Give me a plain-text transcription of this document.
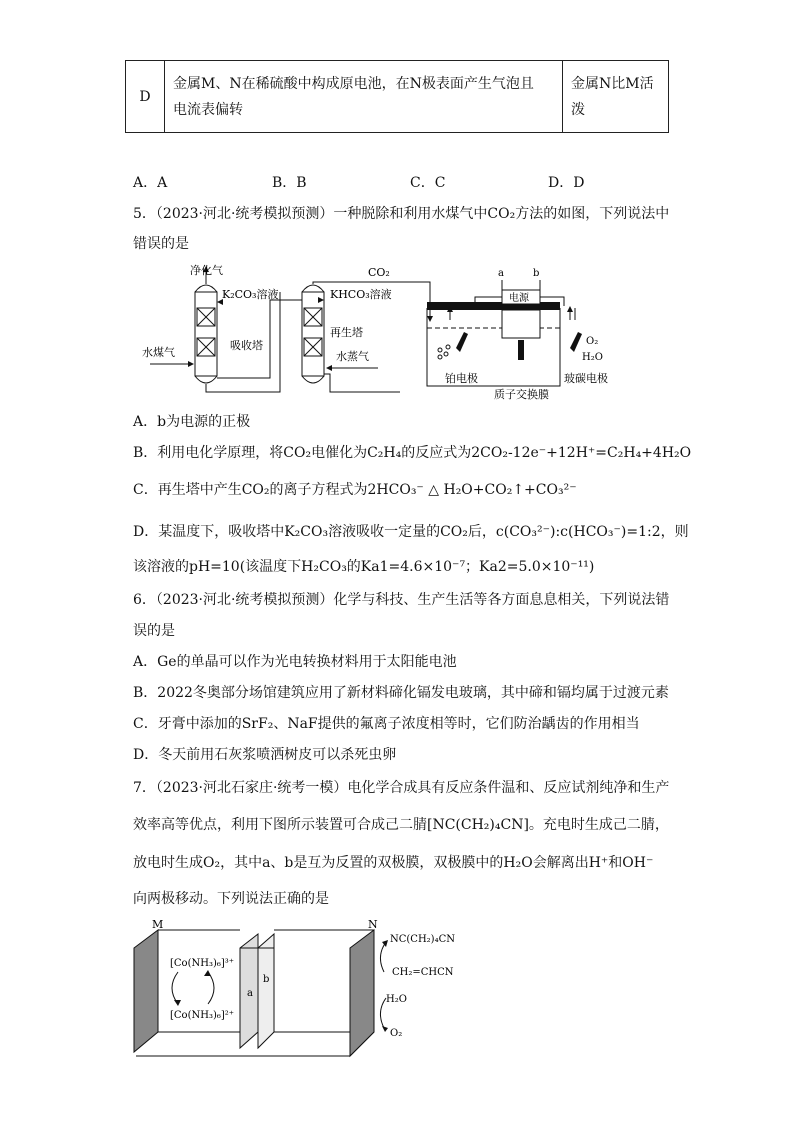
D	
金属M、N在稀硫酸中构成原电池，在N极表面产生气泡且
电流表偏转
	金属N比M活泼
A．A	B．B	C．C	D．D
5．（2023·河北·统考模拟预测）一种脱除和利用水煤气中CO₂方法的如图，下列说法中
错误的是
净化气
K₂CO₃溶液	KHCO₃溶液
吸收塔
再生塔
水煤气	水蒸气
CO₂	a	b
电源
铂电极	玻碳电极
质子交换膜
O₂
H₂O
A．b为电源的正极
B．利用电化学原理，将CO₂电催化为C₂H₄的反应式为2CO₂-12e⁻+12H⁺=C₂H₄+4H₂O
C．再生塔中产生CO₂的离子方程式为2HCO₃⁻ △ H₂O+CO₂↑+CO₃²⁻
D．某温度下，吸收塔中K₂CO₃溶液吸收一定量的CO₂后，c(CO₃²⁻):c(HCO₃⁻)=1:2，则
该溶液的pH=10(该温度下H₂CO₃的Ka1=4.6×10⁻⁷；Ka2=5.0×10⁻¹¹)
6．（2023·河北·统考模拟预测）化学与科技、生产生活等各方面息息相关，下列说法错
误的是
A．Ge的单晶可以作为光电转换材料用于太阳能电池
B．2022冬奥部分场馆建筑应用了新材料碲化镉发电玻璃，其中碲和镉均属于过渡元素
C．牙膏中添加的SrF₂、NaF提供的氟离子浓度相等时，它们防治龋齿的作用相当
D．冬天前用石灰浆喷洒树皮可以杀死虫卵
7．（2023·河北石家庄·统考一模）电化学合成具有反应条件温和、反应试剂纯净和生产
效率高等优点，利用下图所示装置可合成己二腈[NC(CH₂)₄CN]。充电时生成己二腈，
放电时生成O₂，其中a、b是互为反置的双极膜，双极膜中的H₂O会解离出H⁺和OH⁻
向两极移动。下列说法正确的是
M	N
[Co(NH₃)₆]³⁺
[Co(NH₃)₆]²⁺
a
b
NC(CH₂)₄CN
CH₂=CHCN
H₂O
O₂
